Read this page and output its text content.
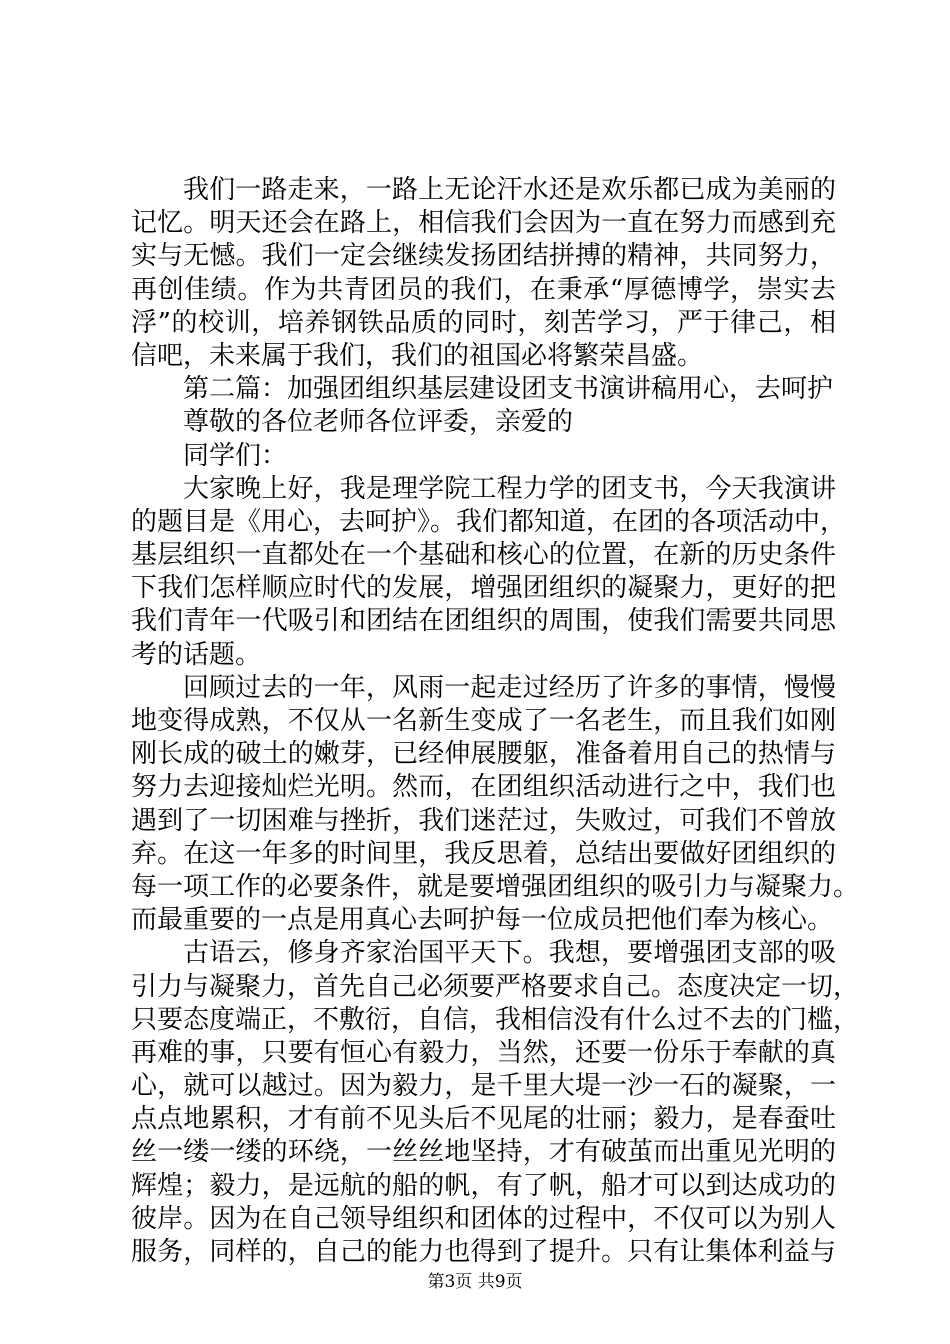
我们一路走来，一路上无论汗水还是欢乐都已成为美丽的
记忆。明天还会在路上，相信我们会因为一直在努力而感到充
实与无憾。我们一定会继续发扬团结拼搏的精神，共同努力，
再创佳绩。作为共青团员的我们，在秉承“厚德博学，崇实去
浮”的校训，培养钢铁品质的同时，刻苦学习，严于律己，相
信吧，未来属于我们，我们的祖国必将繁荣昌盛。
第二篇：加强团组织基层建设团支书演讲稿用心，去呵护
尊敬的各位老师各位评委，亲爱的
同学们：
大家晚上好，我是理学院工程力学的团支书，今天我演讲
的题目是《用心，去呵护》。我们都知道，在团的各项活动中，
基层组织一直都处在一个基础和核心的位置，在新的历史条件
下我们怎样顺应时代的发展，增强团组织的凝聚力，更好的把
我们青年一代吸引和团结在团组织的周围，使我们需要共同思
考的话题。
回顾过去的一年，风雨一起走过经历了许多的事情，慢慢
地变得成熟，不仅从一名新生变成了一名老生，而且我们如刚
刚长成的破土的嫩芽，已经伸展腰躯，准备着用自己的热情与
努力去迎接灿烂光明。然而，在团组织活动进行之中，我们也
遇到了一切困难与挫折，我们迷茫过，失败过，可我们不曾放
弃。在这一年多的时间里，我反思着，总结出要做好团组织的
每一项工作的必要条件，就是要增强团组织的吸引力与凝聚力。
而最重要的一点是用真心去呵护每一位成员把他们奉为核心。
古语云，修身齐家治国平天下。我想，要增强团支部的吸
引力与凝聚力，首先自己必须要严格要求自己。态度决定一切，
只要态度端正，不敷衍，自信，我相信没有什么过不去的门槛，
再难的事，只要有恒心有毅力，当然，还要一份乐于奉献的真
心，就可以越过。因为毅力，是千里大堤一沙一石的凝聚，一
点点地累积，才有前不见头后不见尾的壮丽；毅力，是春蚕吐
丝一缕一缕的环绕，一丝丝地坚持，才有破茧而出重见光明的
辉煌；毅力，是远航的船的帆，有了帆，船才可以到达成功的
彼岸。因为在自己领导组织和团体的过程中，不仅可以为别人
服务，同样的，自己的能力也得到了提升。只有让集体利益与
第3页 共9页
